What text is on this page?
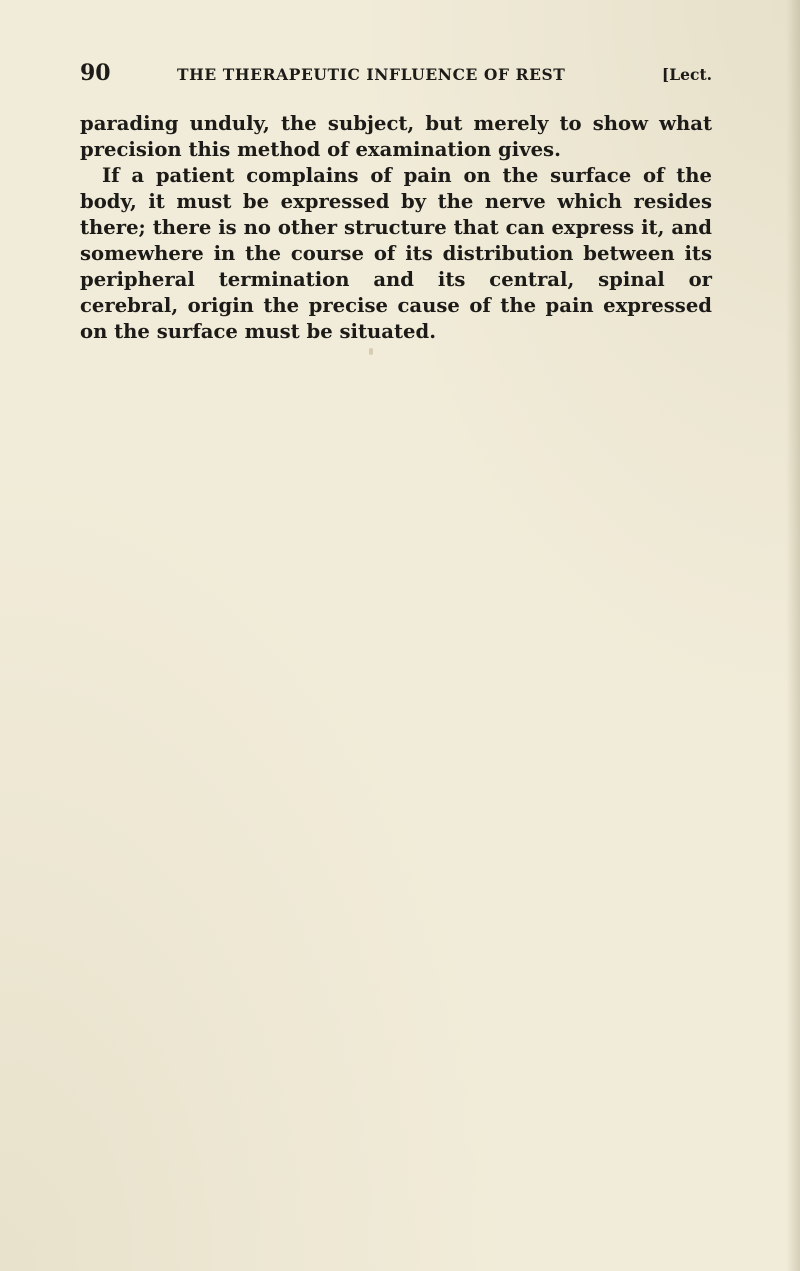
90	THE THERAPEUTIC INFLUENCE OF REST	[Lect.

parading unduly, the subject, but merely to show what precision this method of examination gives.

If a patient complains of pain on the surface of the body, it must be expressed by the nerve which resides there; there is no other structure that can express it, and somewhere in the course of its distribution between its peripheral termination and its central, spinal or cerebral, origin the precise cause of the pain expressed on the surface must be situated.
